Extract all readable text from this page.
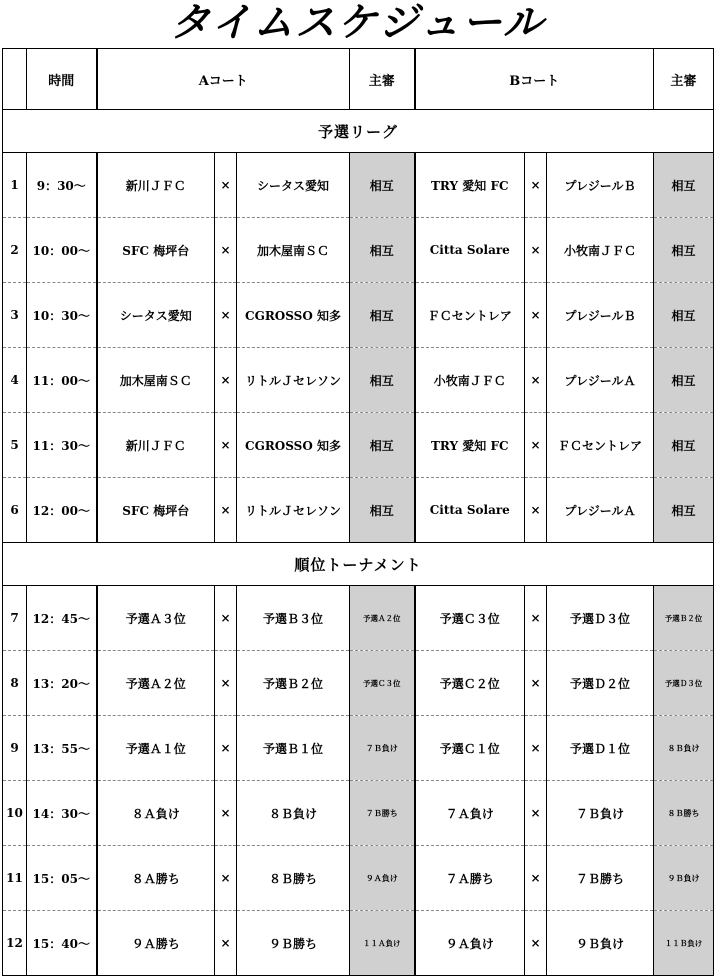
タイムスケジュール
	時間	Aコート			主審	Bコート			主審
予選リーグ									
1	9：30～	新川ＪＦＣ	×	シータス愛知	相互	TRY 愛知 FC	×	プレジールＢ	相互
2	10：00～	SFC 梅坪台	×	加木屋南ＳＣ	相互	Citta Solare	×	小牧南ＪＦＣ	相互
3	10：30～	シータス愛知	×	CGROSSO 知多	相互	ＦＣセントレア	×	プレジールＢ	相互
4	11：00～	加木屋南ＳＣ	×	リトルＪセレソン	相互	小牧南ＪＦＣ	×	プレジールＡ	相互
5	11：30～	新川ＪＦＣ	×	CGROSSO 知多	相互	TRY 愛知 FC	×	ＦＣセントレア	相互
6	12：00～	SFC 梅坪台	×	リトルＪセレソン	相互	Citta Solare	×	プレジールＡ	相互
順位トーナメント									
7	12：45～	予選Ａ３位	×	予選Ｂ３位	予選Ａ２位	予選Ｃ３位	×	予選Ｄ３位	予選Ｂ２位
8	13：20～	予選Ａ２位	×	予選Ｂ２位	予選Ｃ３位	予選Ｃ２位	×	予選Ｄ２位	予選Ｄ３位
9	13：55～	予選Ａ１位	×	予選Ｂ１位	７Ｂ負け	予選Ｃ１位	×	予選Ｄ１位	８Ｂ負け
10	14：30～	８Ａ負け	×	８Ｂ負け	７Ｂ勝ち	７Ａ負け	×	７Ｂ負け	８Ｂ勝ち
11	15：05～	８Ａ勝ち	×	８Ｂ勝ち	９Ａ負け	７Ａ勝ち	×	７Ｂ勝ち	９Ｂ負け
12	15：40～	９Ａ勝ち	×	９Ｂ勝ち	１１Ａ負け	９Ａ負け	×	９Ｂ負け	１１Ｂ負け
